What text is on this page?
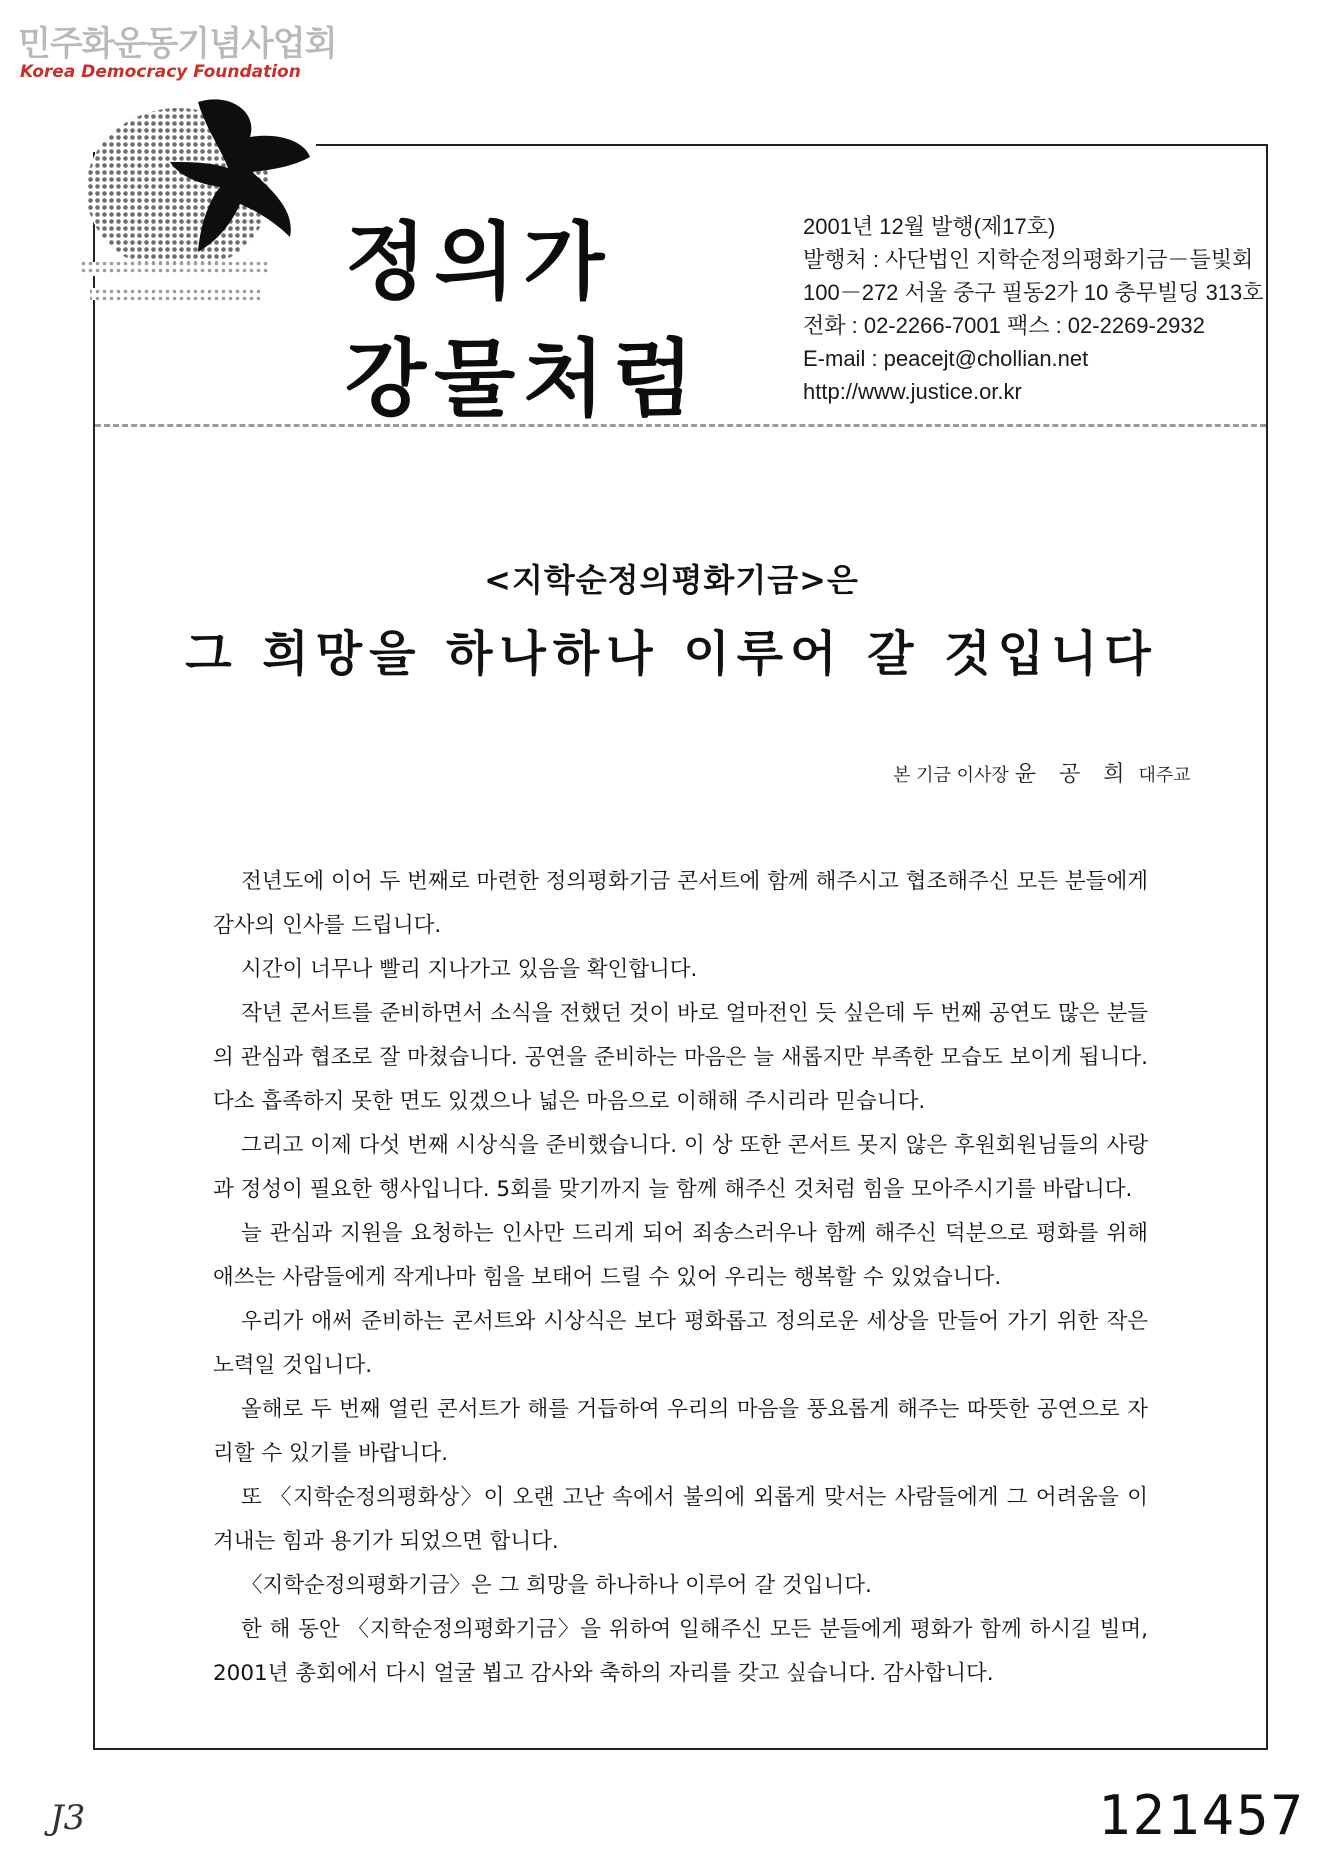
민주화운동기념사업회
Korea Democracy Foundation
정의가
강물처럼
2001년 12월 발행(제17호)
발행처 : 사단법인 지학순정의평화기금－들빛회
100－272 서울 중구 필동2가 10 충무빌딩 313호
전화 : 02-2266-7001 팩스 : 02-2269-2932
E-mail : peacejt@chollian.net
http://www.justice.or.kr
<지학순정의평화기금>은
그 희망을 하나하나 이루어 갈 것입니다
본 기금 이사장 윤 공 희 대주교

전년도에 이어 두 번째로 마련한 정의평화기금 콘서트에 함께 해주시고 협조해주신 모든 분들에게 감사의 인사를 드립니다.

시간이 너무나 빨리 지나가고 있음을 확인합니다.

작년 콘서트를 준비하면서 소식을 전했던 것이 바로 얼마전인 듯 싶은데 두 번째 공연도 많은 분들의 관심과 협조로 잘 마쳤습니다. 공연을 준비하는 마음은 늘 새롭지만 부족한 모습도 보이게 됩니다. 다소 흡족하지 못한 면도 있겠으나 넓은 마음으로 이해해 주시리라 믿습니다.

그리고 이제 다섯 번째 시상식을 준비했습니다. 이 상 또한 콘서트 못지 않은 후원회원님들의 사랑과 정성이 필요한 행사입니다. 5회를 맞기까지 늘 함께 해주신 것처럼 힘을 모아주시기를 바랍니다.

늘 관심과 지원을 요청하는 인사만 드리게 되어 죄송스러우나 함께 해주신 덕분으로 평화를 위해 애쓰는 사람들에게 작게나마 힘을 보태어 드릴 수 있어 우리는 행복할 수 있었습니다.

우리가 애써 준비하는 콘서트와 시상식은 보다 평화롭고 정의로운 세상을 만들어 가기 위한 작은 노력일 것입니다.

올해로 두 번째 열린 콘서트가 해를 거듭하여 우리의 마음을 풍요롭게 해주는 따뜻한 공연으로 자리할 수 있기를 바랍니다.

또 〈지학순정의평화상〉이 오랜 고난 속에서 불의에 외롭게 맞서는 사람들에게 그 어려움을 이겨내는 힘과 용기가 되었으면 합니다.

〈지학순정의평화기금〉은 그 희망을 하나하나 이루어 갈 것입니다.

한 해 동안 〈지학순정의평화기금〉을 위하여 일해주신 모든 분들에게 평화가 함께 하시길 빌며, 2001년 총회에서 다시 얼굴 뵙고 감사와 축하의 자리를 갖고 싶습니다. 감사합니다.

J3	121457
